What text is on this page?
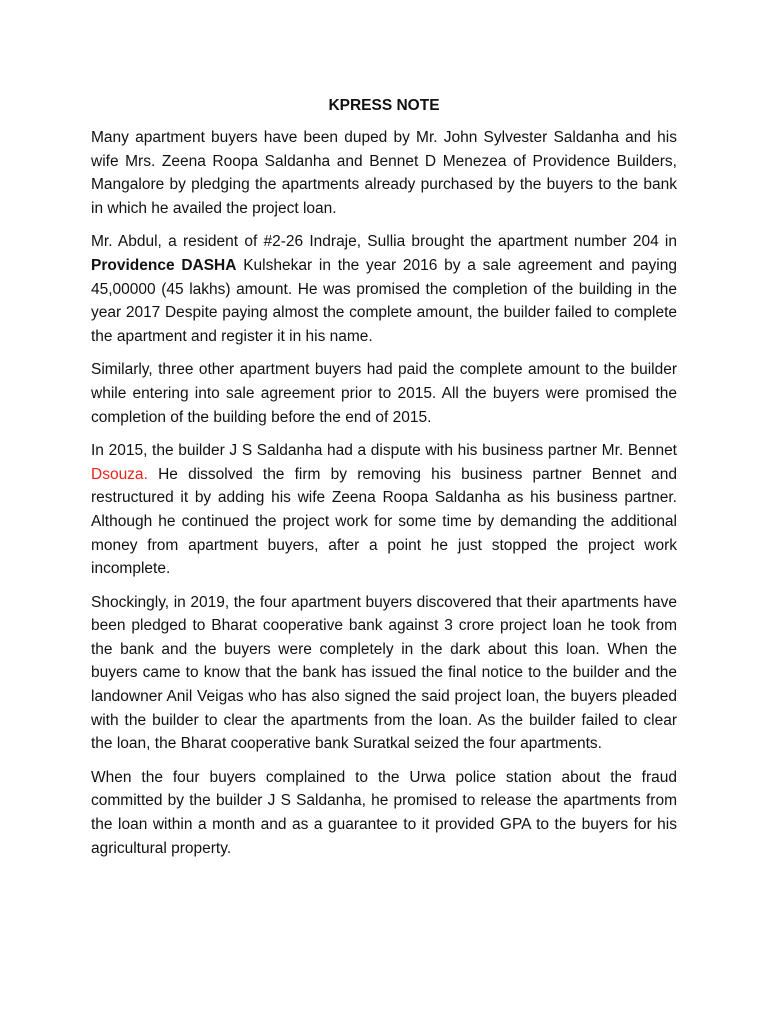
KPRESS NOTE

Many apartment buyers have been duped by Mr. John Sylvester Saldanha and his wife Mrs. Zeena Roopa Saldanha and Bennet D Menezea of Providence Builders, Mangalore by pledging the apartments already purchased by the buyers to the bank in which he availed the project loan.

Mr. Abdul, a resident of #2-26 Indraje, Sullia brought the apartment number 204 in Providence DASHA Kulshekar in the year 2016 by a sale agreement and paying 45,00000 (45 lakhs) amount. He was promised the completion of the building in the year 2017 Despite paying almost the complete amount, the builder failed to complete the apartment and register it in his name.

Similarly, three other apartment buyers had paid the complete amount to the builder while entering into sale agreement prior to 2015. All the buyers were promised the completion of the building before the end of 2015.

In 2015, the builder J S Saldanha had a dispute with his business partner Mr. Bennet Dsouza. He dissolved the firm by removing his business partner Bennet and restructured it by adding his wife Zeena Roopa Saldanha as his business partner. Although he continued the project work for some time by demanding the additional money from apartment buyers, after a point he just stopped the project work incomplete.

Shockingly, in 2019, the four apartment buyers discovered that their apartments have been pledged to Bharat cooperative bank against 3 crore project loan he took from the bank and the buyers were completely in the dark about this loan. When the buyers came to know that the bank has issued the final notice to the builder and the landowner Anil Veigas who has also signed the said project loan, the buyers pleaded with the builder to clear the apartments from the loan. As the builder failed to clear the loan, the Bharat cooperative bank Suratkal seized the four apartments.

When the four buyers complained to the Urwa police station about the fraud committed by the builder J S Saldanha, he promised to release the apartments from the loan within a month and as a guarantee to it provided GPA to the buyers for his agricultural property.
